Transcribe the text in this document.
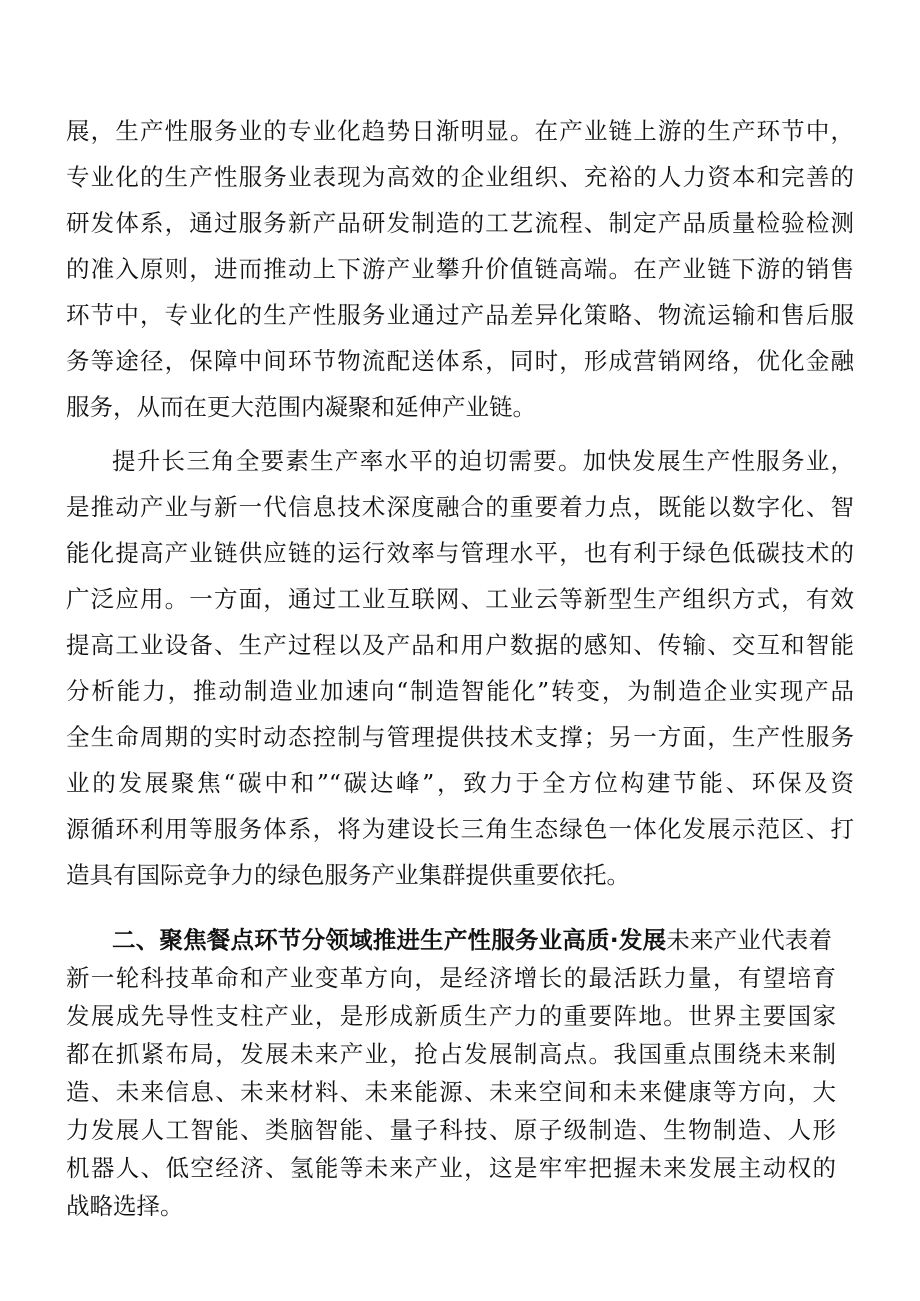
展，生产性服务业的专业化趋势日渐明显。在产业链上游的生产环节中，
专业化的生产性服务业表现为高效的企业组织、充裕的人力资本和完善的
研发体系，通过服务新产品研发制造的工艺流程、制定产品质量检验检测
的准入原则，进而推动上下游产业攀升价值链高端。在产业链下游的销售
环节中，专业化的生产性服务业通过产品差异化策略、物流运输和售后服
务等途径，保障中间环节物流配送体系，同时，形成营销网络，优化金融
服务，从而在更大范围内凝聚和延伸产业链。
提升长三角全要素生产率水平的迫切需要。加快发展生产性服务业，
是推动产业与新一代信息技术深度融合的重要着力点，既能以数字化、智
能化提高产业链供应链的运行效率与管理水平，也有利于绿色低碳技术的
广泛应用。一方面，通过工业互联网、工业云等新型生产组织方式，有效
提高工业设备、生产过程以及产品和用户数据的感知、传输、交互和智能
分析能力，推动制造业加速向“制造智能化”转变，为制造企业实现产品
全生命周期的实时动态控制与管理提供技术支撑；另一方面，生产性服务
业的发展聚焦“碳中和”“碳达峰”，致力于全方位构建节能、环保及资
源循环利用等服务体系，将为建设长三角生态绿色一体化发展示范区、打
造具有国际竞争力的绿色服务产业集群提供重要依托。
二、聚焦餐点环节分领域推进生产性服务业高质·发展未来产业代表着
新一轮科技革命和产业变革方向，是经济增长的最活跃力量，有望培育
发展成先导性支柱产业，是形成新质生产力的重要阵地。世界主要国家
都在抓紧布局，发展未来产业，抢占发展制高点。我国重点围绕未来制
造、未来信息、未来材料、未来能源、未来空间和未来健康等方向，大
力发展人工智能、类脑智能、量子科技、原子级制造、生物制造、人形
机器人、低空经济、氢能等未来产业，这是牢牢把握未来发展主动权的
战略选择。
